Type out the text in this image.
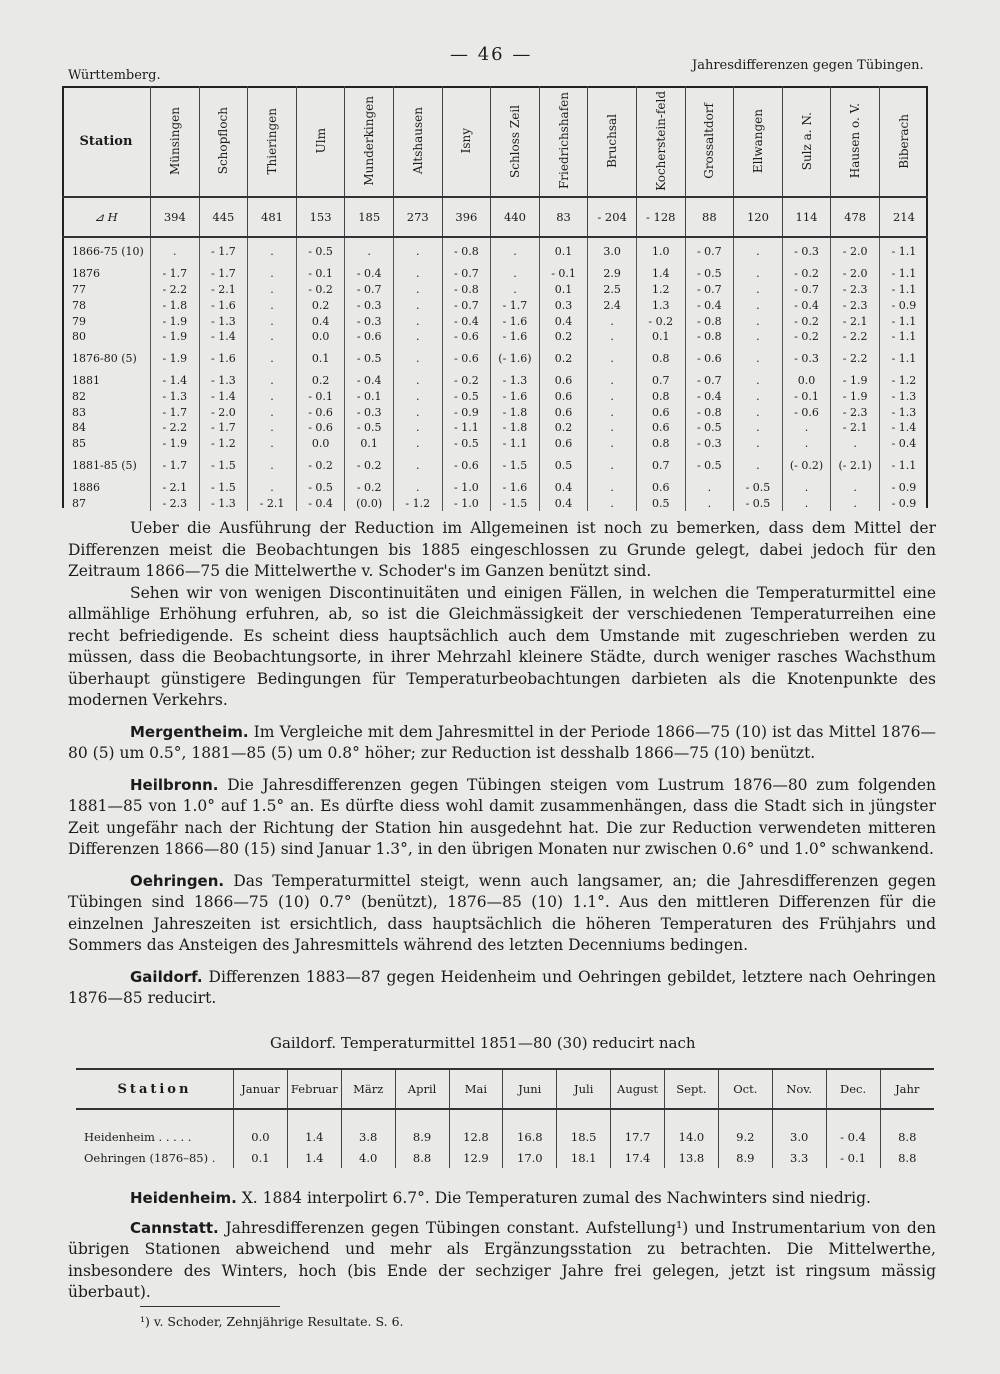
Württemberg.
— 46 —
Jahresdifferenzen gegen Tübingen.
Station	Münsingen	Schopfloch	Thieringen	Ulm	Munderkingen	Altshausen	Isny	Schloss Zeil	Friedrichshafen	Bruchsal	Kocherstein-feld	Grossaltdorf	Ellwangen	Sulz a. N.	Hausen o. V.	Biberach

⊿ H	394	445	481	153	185	273	396	440	83	- 204	- 128	88	120	114	478	214
1866-75 (10)	.	- 1.7	.	- 0.5	.	.	- 0.8	.	0.1	3.0	1.0	- 0.7	.	- 0.3	- 2.0	- 1.1
1876	- 1.7	- 1.7	.	- 0.1	- 0.4	.	- 0.7	.	- 0.1	2.9	1.4	- 0.5	.	- 0.2	- 2.0	- 1.1
77	- 2.2	- 2.1	.	- 0.2	- 0.7	.	- 0.8	.	0.1	2.5	1.2	- 0.7	.	- 0.7	- 2.3	- 1.1
78	- 1.8	- 1.6	.	0.2	- 0.3	.	- 0.7	- 1.7	0.3	2.4	1.3	- 0.4	.	- 0.4	- 2.3	- 0.9
79	- 1.9	- 1.3	.	0.4	- 0.3	.	- 0.4	- 1.6	0.4	.	- 0.2	- 0.8	.	- 0.2	- 2.1	- 1.1
80	- 1.9	- 1.4	.	0.0	- 0.6	.	- 0.6	- 1.6	0.2	.	0.1	- 0.8	.	- 0.2	- 2.2	- 1.1
1876-80 (5)	- 1.9	- 1.6	.	0.1	- 0.5	.	- 0.6	(- 1.6)	0.2	.	0.8	- 0.6	.	- 0.3	- 2.2	- 1.1
1881	- 1.4	- 1.3	.	0.2	- 0.4	.	- 0.2	- 1.3	0.6	.	0.7	- 0.7	.	0.0	- 1.9	- 1.2
82	- 1.3	- 1.4	.	- 0.1	- 0.1	.	- 0.5	- 1.6	0.6	.	0.8	- 0.4	.	- 0.1	- 1.9	- 1.3
83	- 1.7	- 2.0	.	- 0.6	- 0.3	.	- 0.9	- 1.8	0.6	.	0.6	- 0.8	.	- 0.6	- 2.3	- 1.3
84	- 2.2	- 1.7	.	- 0.6	- 0.5	.	- 1.1	- 1.8	0.2	.	0.6	- 0.5	.	.	- 2.1	- 1.4
85	- 1.9	- 1.2	.	0.0	0.1	.	- 0.5	- 1.1	0.6	.	0.8	- 0.3	.	.	.	- 0.4
1881-85 (5)	- 1.7	- 1.5	.	- 0.2	- 0.2	.	- 0.6	- 1.5	0.5	.	0.7	- 0.5	.	(- 0.2)	(- 2.1)	- 1.1
1886	- 2.1	- 1.5	.	- 0.5	- 0.2	.	- 1.0	- 1.6	0.4	.	0.6	.	- 0.5	.	.	- 0.9
87	- 2.3	- 1.3	- 2.1	- 0.4	(0.0)	- 1.2	- 1.0	- 1.5	0.4	.	0.5	.	- 0.5	.	.	- 0.9

Ueber die Ausführung der Reduction im Allgemeinen ist noch zu bemerken, dass dem Mittel der Differenzen meist die Beobachtungen bis 1885 eingeschlossen zu Grunde gelegt, dabei jedoch für den Zeitraum 1866—75 die Mittelwerthe v. Schoder's im Ganzen benützt sind.

Sehen wir von wenigen Discontinuitäten und einigen Fällen, in welchen die Temperaturmittel eine allmählige Erhöhung erfuhren, ab, so ist die Gleichmässigkeit der verschiedenen Temperaturreihen eine recht befriedigende. Es scheint diess hauptsächlich auch dem Umstande mit zugeschrieben werden zu müssen, dass die Beobachtungsorte, in ihrer Mehrzahl kleinere Städte, durch weniger rasches Wachsthum überhaupt günstigere Bedingungen für Temperaturbeobachtungen darbieten als die Knotenpunkte des modernen Verkehrs.

Mergentheim. Im Vergleiche mit dem Jahresmittel in der Periode 1866—75 (10) ist das Mittel 1876—80 (5) um 0.5°, 1881—85 (5) um 0.8° höher; zur Reduction ist desshalb 1866—75 (10) benützt.

Heilbronn. Die Jahresdifferenzen gegen Tübingen steigen vom Lustrum 1876—80 zum folgenden 1881—85 von 1.0° auf 1.5° an. Es dürfte diess wohl damit zusammenhängen, dass die Stadt sich in jüngster Zeit ungefähr nach der Richtung der Station hin ausgedehnt hat. Die zur Reduction verwendeten mitteren Differenzen 1866—80 (15) sind Januar 1.3°, in den übrigen Monaten nur zwischen 0.6° und 1.0° schwankend.

Oehringen. Das Temperaturmittel steigt, wenn auch langsamer, an; die Jahresdifferenzen gegen Tübingen sind 1866—75 (10) 0.7° (benützt), 1876—85 (10) 1.1°. Aus den mittleren Differenzen für die einzelnen Jahreszeiten ist ersichtlich, dass hauptsächlich die höheren Temperaturen des Frühjahrs und Sommers das Ansteigen des Jahresmittels während des letzten Decenniums bedingen.

Gaildorf. Differenzen 1883—87 gegen Heidenheim und Oehringen gebildet, letztere nach Oehringen 1876—85 reducirt.

Gaildorf. Temperaturmittel 1851—80 (30) reducirt nach
Station	Januar	Februar	März	April	Mai	Juni	Juli	August	Sept.	Oct.	Nov.	Dec.	Jahr

Heidenheim . . . . .	0.0	1.4	3.8	8.9	12.8	16.8	18.5	17.7	14.0	9.2	3.0	- 0.4	8.8
Oehringen (1876–85) .	0.1	1.4	4.0	8.8	12.9	17.0	18.1	17.4	13.8	8.9	3.3	- 0.1	8.8

Heidenheim. X. 1884 interpolirt 6.7°. Die Temperaturen zumal des Nachwinters sind niedrig.

Cannstatt. Jahresdifferenzen gegen Tübingen constant. Aufstellung¹) und Instrumentarium von den übrigen Stationen abweichend und mehr als Ergänzungsstation zu betrachten. Die Mittelwerthe, insbesondere des Winters, hoch (bis Ende der sechziger Jahre frei gelegen, jetzt ist ringsum mässig überbaut).

¹) v. Schoder, Zehnjährige Resultate. S. 6.
